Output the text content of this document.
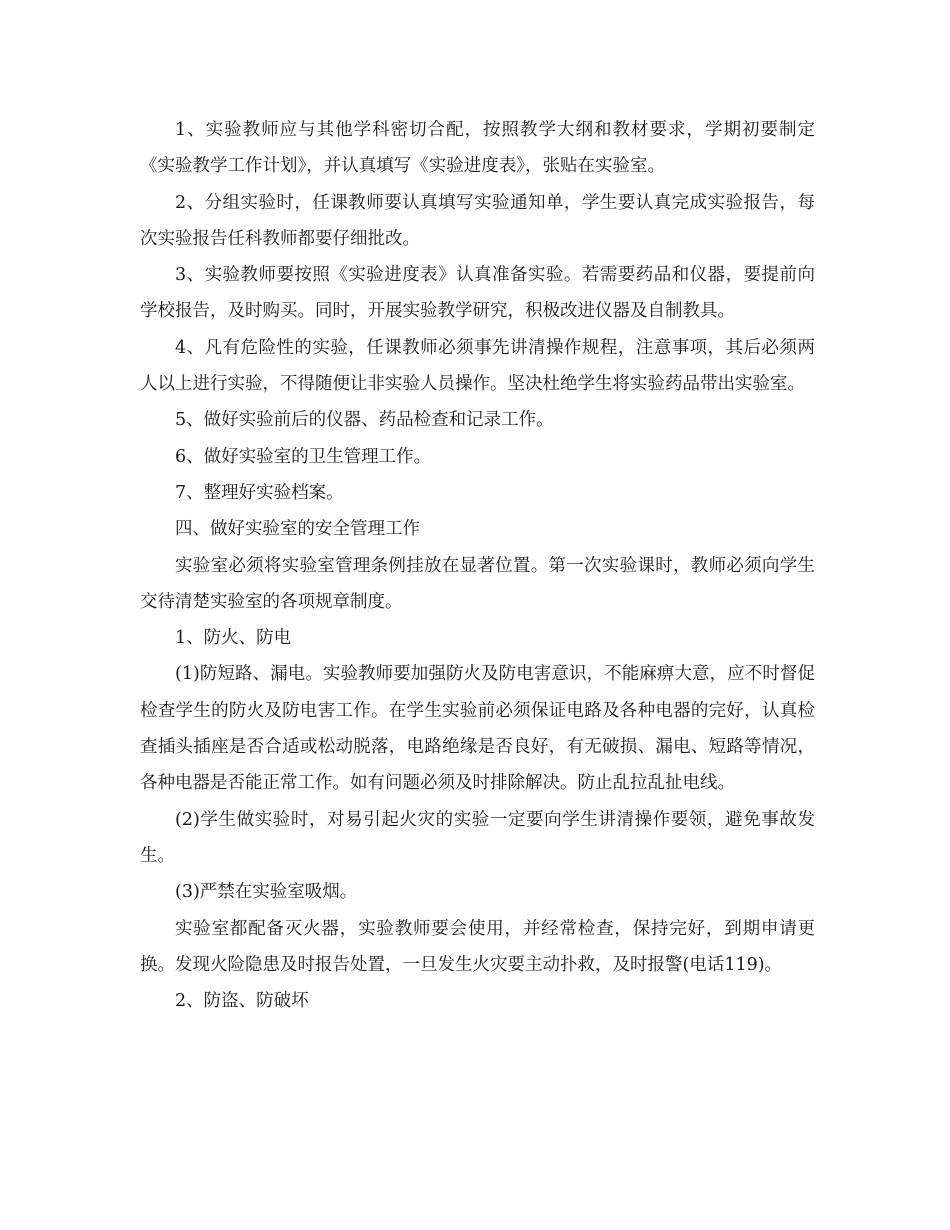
1、实验教师应与其他学科密切合配，按照教学大纲和教材要求，学期初要制定《实验教学工作计划》，并认真填写《实验进度表》，张贴在实验室。

2、分组实验时，任课教师要认真填写实验通知单，学生要认真完成实验报告，每次实验报告任科教师都要仔细批改。

3、实验教师要按照《实验进度表》认真准备实验。若需要药品和仪器，要提前向学校报告，及时购买。同时，开展实验教学研究，积极改进仪器及自制教具。

4、凡有危险性的实验，任课教师必须事先讲清操作规程，注意事项，其后必须两人以上进行实验，不得随便让非实验人员操作。坚决杜绝学生将实验药品带出实验室。

5、做好实验前后的仪器、药品检查和记录工作。

6、做好实验室的卫生管理工作。

7、整理好实验档案。

四、做好实验室的安全管理工作

实验室必须将实验室管理条例挂放在显著位置。第一次实验课时，教师必须向学生交待清楚实验室的各项规章制度。

1、防火、防电

(1)防短路、漏电。实验教师要加强防火及防电害意识，不能麻痹大意，应不时督促检查学生的防火及防电害工作。在学生实验前必须保证电路及各种电器的完好，认真检查插头插座是否合适或松动脱落，电路绝缘是否良好，有无破损、漏电、短路等情况，各种电器是否能正常工作。如有问题必须及时排除解决。防止乱拉乱扯电线。

(2)学生做实验时，对易引起火灾的实验一定要向学生讲清操作要领，避免事故发生。

(3)严禁在实验室吸烟。

实验室都配备灭火器，实验教师要会使用，并经常检查，保持完好，到期申请更换。发现火险隐患及时报告处置，一旦发生火灾要主动扑救，及时报警(电话119)。

2、防盗、防破坏
